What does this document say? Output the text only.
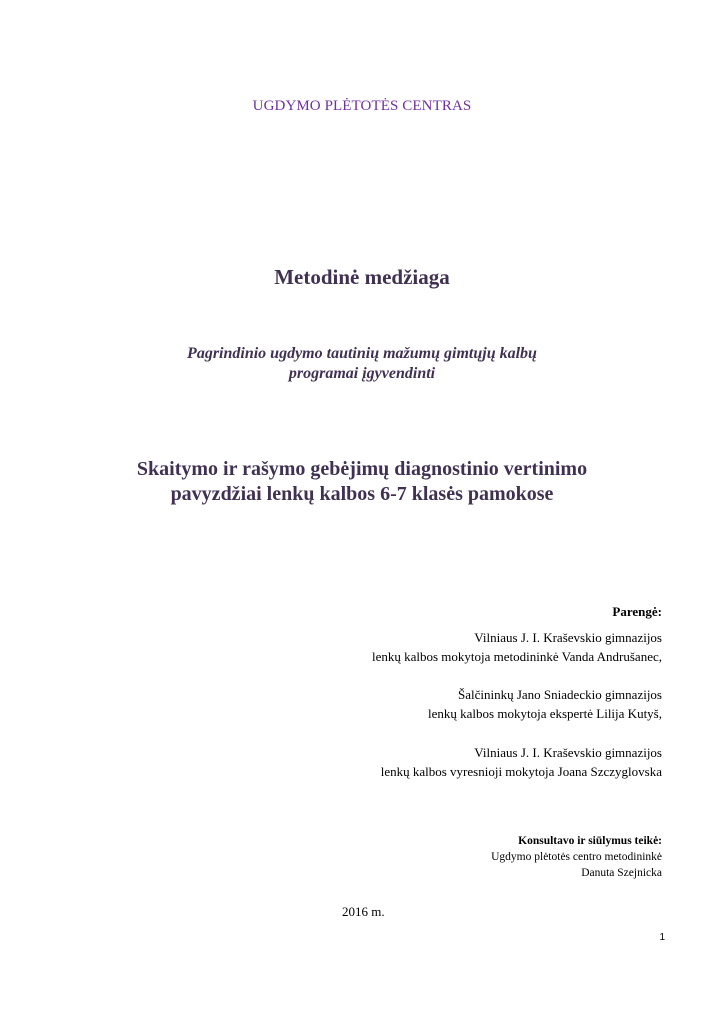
UGDYMO PLĖTOTĖS CENTRAS
Metodinė medžiaga
Pagrindinio ugdymo tautinių mažumų gimtųjų kalbų
programai įgyvendinti
Skaitymo ir rašymo gebėjimų diagnostinio vertinimo
pavyzdžiai lenkų kalbos 6-7 klasės pamokose
Parengė:
Vilniaus J. I. Kraševskio gimnazijos
lenkų kalbos mokytoja metodininkė Vanda Andrušanec,
Šalčininkų Jano Sniadeckio gimnazijos
lenkų kalbos mokytoja ekspertė Lilija Kutyš,
Vilniaus J. I. Kraševskio gimnazijos
lenkų kalbos vyresnioji mokytoja Joana Szczyglovska
Konsultavo ir siūlymus teikė:
Ugdymo plėtotės centro metodininkė
Danuta Szejnicka
2016 m.
1
